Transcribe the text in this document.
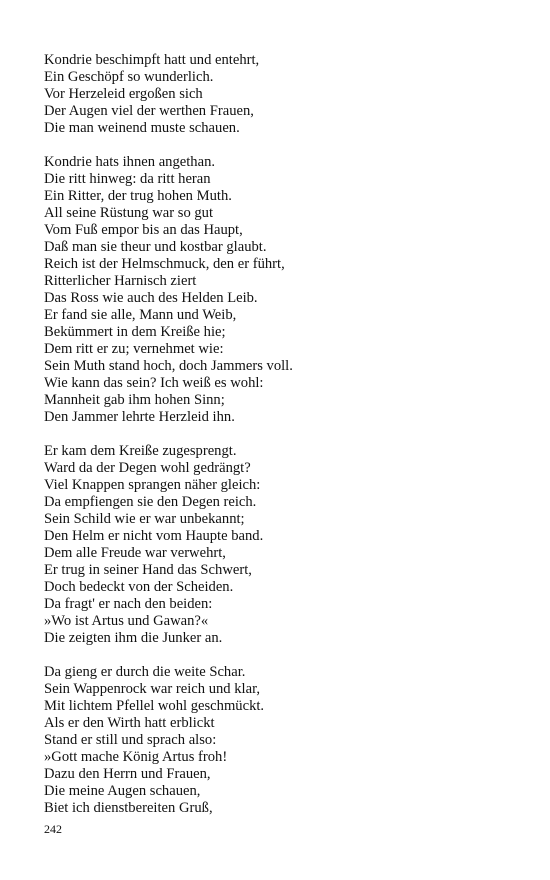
Kondrie beschimpft hatt und entehrt,
Ein Geschöpf so wunderlich.
Vor Herzeleid ergoßen sich
Der Augen viel der werthen Frauen,
Die man weinend muste schauen.
Kondrie hats ihnen angethan.
Die ritt hinweg: da ritt heran
Ein Ritter, der trug hohen Muth.
All seine Rüstung war so gut
Vom Fuß empor bis an das Haupt,
Daß man sie theur und kostbar glaubt.
Reich ist der Helmschmuck, den er führt,
Ritterlicher Harnisch ziert
Das Ross wie auch des Helden Leib.
Er fand sie alle, Mann und Weib,
Bekümmert in dem Kreiße hie;
Dem ritt er zu; vernehmet wie:
Sein Muth stand hoch, doch Jammers voll.
Wie kann das sein? Ich weiß es wohl:
Mannheit gab ihm hohen Sinn;
Den Jammer lehrte Herzleid ihn.
Er kam dem Kreiße zugesprengt.
Ward da der Degen wohl gedrängt?
Viel Knappen sprangen näher gleich:
Da empfiengen sie den Degen reich.
Sein Schild wie er war unbekannt;
Den Helm er nicht vom Haupte band.
Dem alle Freude war verwehrt,
Er trug in seiner Hand das Schwert,
Doch bedeckt von der Scheiden.
Da fragt' er nach den beiden:
»Wo ist Artus und Gawan?«
Die zeigten ihm die Junker an.
Da gieng er durch die weite Schar.
Sein Wappenrock war reich und klar,
Mit lichtem Pfellel wohl geschmückt.
Als er den Wirth hatt erblickt
Stand er still und sprach also:
»Gott mache König Artus froh!
Dazu den Herrn und Frauen,
Die meine Augen schauen,
Biet ich dienstbereiten Gruß,
242
